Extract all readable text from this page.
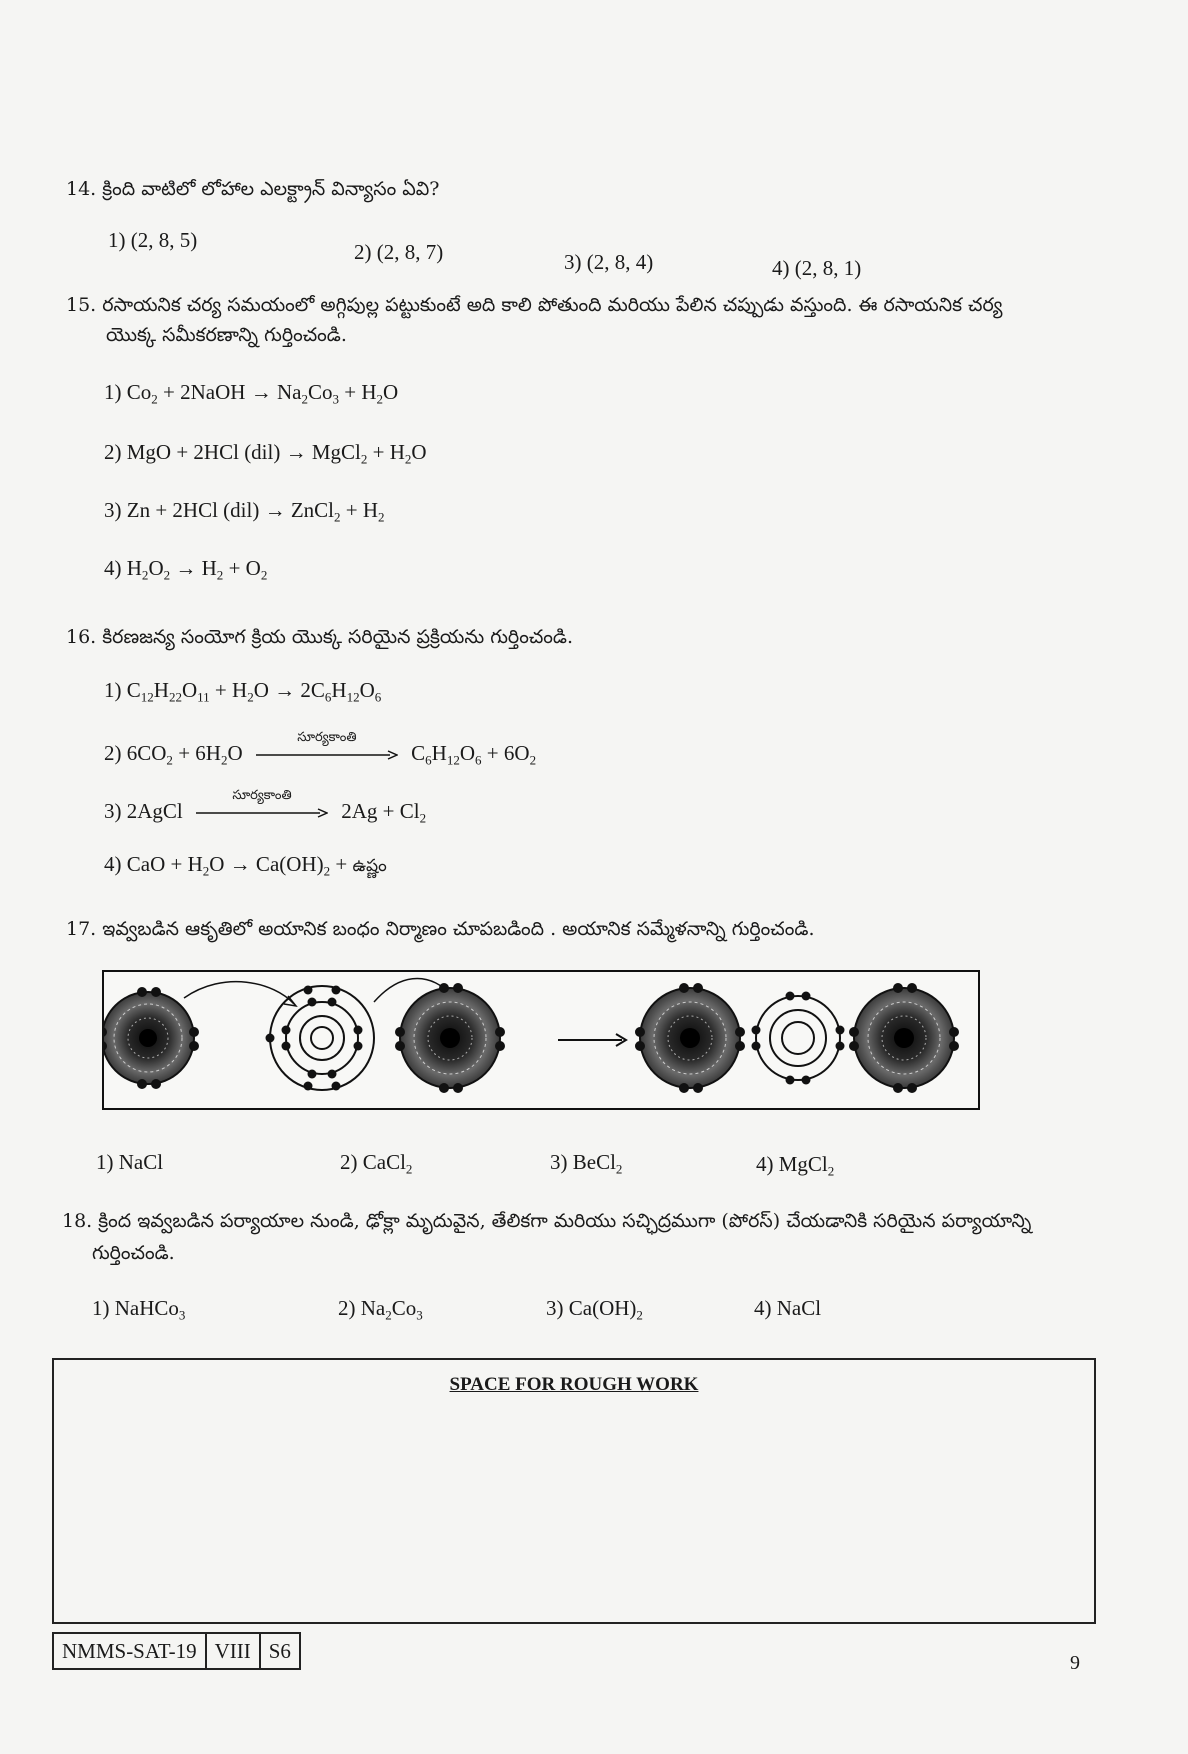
14. క్రింది వాటిలో లోహాల ఎలక్ట్రాన్ విన్యాసం ఏవి?
1) (2, 8, 5)	2) (2, 8, 7)	3) (2, 8, 4)	4) (2, 8, 1)
15. రసాయనిక చర్య సమయంలో అగ్గిపుల్ల పట్టుకుంటే అది కాలి పోతుంది మరియు పేలిన చప్పుడు వస్తుంది. ఈ రసాయనిక చర్య
యొక్క సమీకరణాన్ని గుర్తించండి.
1) $Co_2$ + 2NaOH → $Na_2Co_3 + H_2O$
2) MgO + 2HCl (dil) → MgCl$_2$ + $H_2O$
3) Zn + 2HCl (dil) → ZnCl$_2$ + $H_2$
4) $H_2O_2 \to H_2 + O_2$
16. కిరణజన్య సంయోగ క్రియ యొక్క సరియైన ప్రక్రియను గుర్తించండి.
1) $C_{12}H_{22}O_{11} + H_2O \to 2C_6H_{12}O_6$
2) $6CO_2 + 6H_2O$
సూర్యకాంతి
$C_6H_{12}O_6 + 6O_2$
3) 2AgCl
సూర్యకాంతి
$2Ag + Cl_2$
4) CaO + $H_2O \to Ca(OH)_2$ + ఉష్ణం
17. ఇవ్వబడిన ఆకృతిలో అయానిక బంధం నిర్మాణం చూపబడింది . అయానిక సమ్మేళనాన్ని గుర్తించండి.
1) NaCl	2) CaCl$_2$	3) BeCl$_2$	4) MgCl$_2$
18. క్రింద ఇవ్వబడిన పర్యాయాల నుండి, ఢోక్లా మృదువైన, తేలికగా మరియు సచ్ఛిద్రముగా (పోరస్) చేయడానికి సరియైన పర్యాయాన్ని
గుర్తించండి.
1) NaHCo$_3$	2) $Na_2Co_3$	3) $Ca(OH)_2$	4) NaCl
SPACE FOR ROUGH WORK
NMMS-SAT-19 VIII S6	9
